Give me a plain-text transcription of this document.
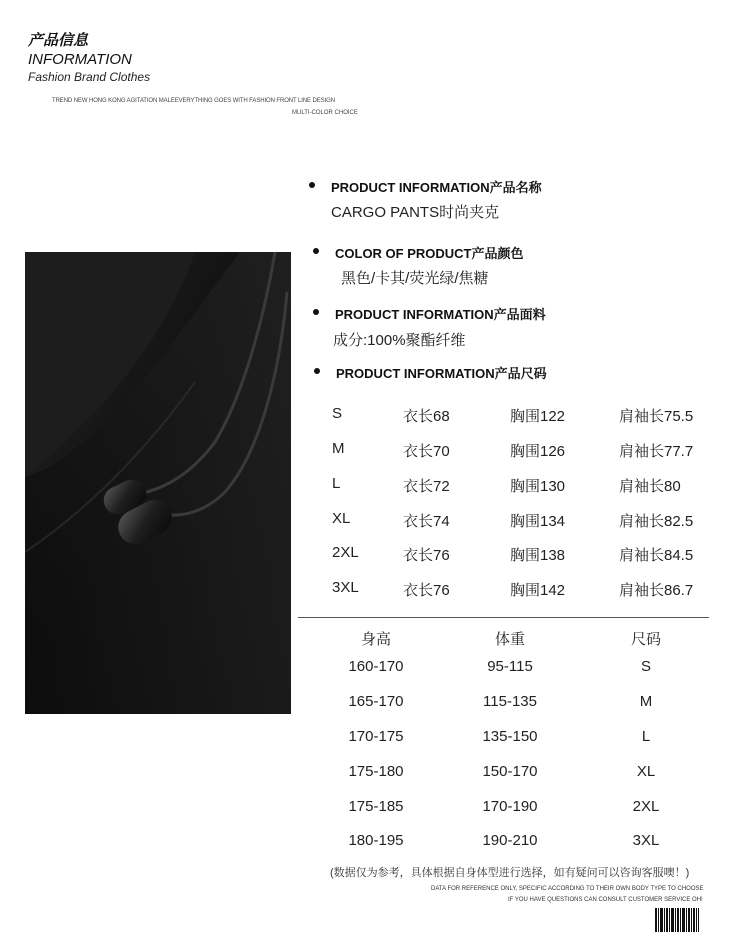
产品信息
INFORMATION
Fashion Brand Clothes
TREND NEW HONG KONG AGITATION MALEEVERYTHING GOES WITH FASHION FRONT LINE DESIGN
MULTI-COLOR CHOICE
PRODUCT INFORMATION产品名称
CARGO PANTS时尚夹克
COLOR OF PRODUCT产品颜色
黑色/卡其/荧光绿/焦糖
PRODUCT INFORMATION产品面料
成分:100%聚酯纤维
PRODUCT INFORMATION产品尺码
S	衣长68	胸围122	肩袖长75.5
M	衣长70	胸围126	肩袖长77.7
L	衣长72	胸围130	肩袖长80
XL	衣长74	胸围134	肩袖长82.5
2XL	衣长76	胸围138	肩袖长84.5
3XL	衣长76	胸围142	肩袖长86.7
身高	体重	尺码
160-170	95-115	S
165-170	115-135	M
170-175	135-150	L
175-180	150-170	XL
175-185	170-190	2XL
180-195	190-210	3XL
(数据仅为参考，具体根据自身体型进行选择，如有疑问可以咨询客服噢！)
DATA FOR REFERENCE ONLY, SPECIFIC ACCORDING TO THEIR OWN BODY TYPE TO CHOOSE
IF YOU HAVE QUESTIONS CAN CONSULT CUSTOMER SERVICE OH!
